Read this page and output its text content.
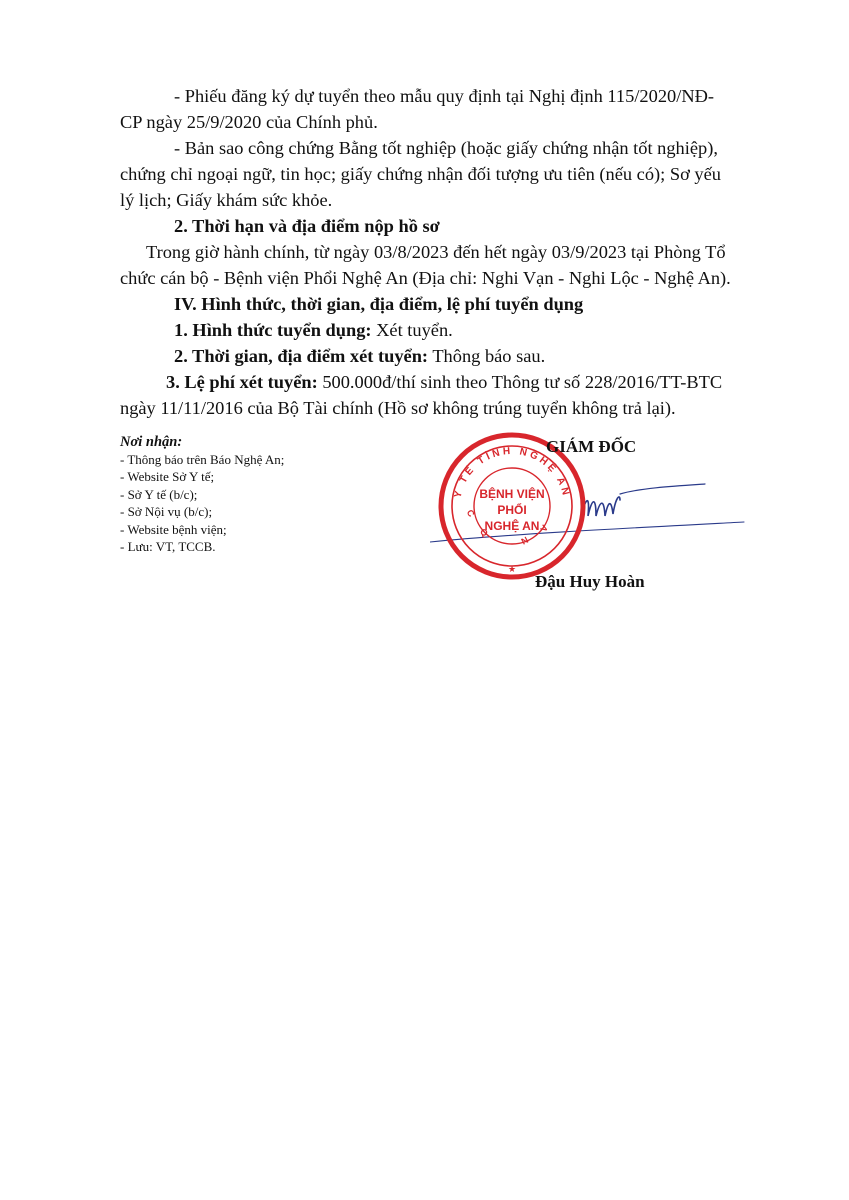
- Phiếu đăng ký dự tuyển theo mẫu quy định tại Nghị định 115/2020/NĐ-
CP ngày 25/9/2020 của Chính phủ.
- Bản sao công chứng Bằng tốt nghiệp (hoặc giấy chứng nhận tốt nghiệp),
chứng chỉ ngoại ngữ, tin học; giấy chứng nhận đối tượng ưu tiên (nếu có); Sơ yếu
lý lịch; Giấy khám sức khỏe.
2. Thời hạn và địa điểm nộp hồ sơ
Trong giờ hành chính, từ ngày 03/8/2023 đến hết ngày 03/9/2023 tại Phòng Tổ
chức cán bộ - Bệnh viện Phổi Nghệ An (Địa chỉ: Nghi Vạn - Nghi Lộc - Nghệ An).
IV. Hình thức, thời gian, địa điểm, lệ phí tuyển dụng
1. Hình thức tuyển dụng: Xét tuyển.
2. Thời gian, địa điểm xét tuyển: Thông báo sau.
3. Lệ phí xét tuyển: 500.000đ/thí sinh theo Thông tư số 228/2016/TT-BTC
ngày 11/11/2016 của Bộ Tài chính (Hồ sơ không trúng tuyển không trả lại).

Nơi nhận:

- Thông báo trên Báo Nghệ An;
- Website Sở Y tế;
- Sở Y tế (b/c);
- Sở Nội vụ (b/c);
- Website bệnh viện;
- Lưu: VT, TCCB.
Y TẾ TỈNH NGHỆ AN
CQ NV
BỆNH VIỆN
PHỔI
NGHỆ AN
★
GIÁM ĐỐC
Đậu Huy Hoàn
